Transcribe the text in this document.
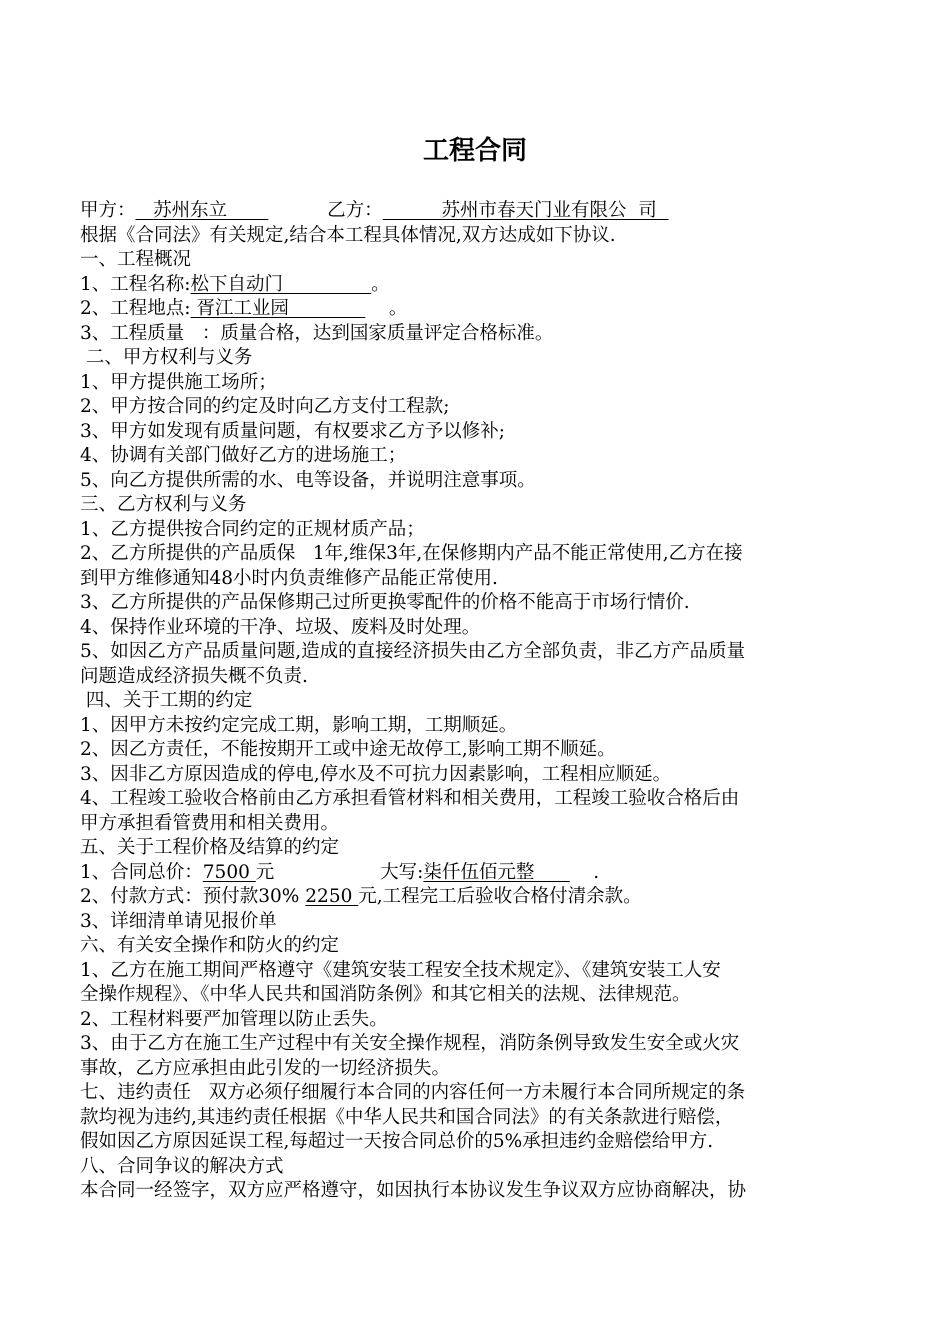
工程合同
甲方： 苏州东立	乙方：	苏州市春天门业有限公  司
根据《合同法》有关规定,结合本工程具体情况,双方达成如下协议.
一、工程概况
1、工程名称:松下自动门	。
2、工程地点: 胥江工业园	。
3、工程质量   ：质量合格，达到国家质量评定合格标准。
二、甲方权利与义务
1、甲方提供施工场所；
2、甲方按合同的约定及时向乙方支付工程款;
3、甲方如发现有质量问题，有权要求乙方予以修补;
4、协调有关部门做好乙方的进场施工；
5、向乙方提供所需的水、电等设备，并说明注意事项。
三、乙方权利与义务
1、乙方提供按合同约定的正规材质产品；
2、乙方所提供的产品质保   1年,维保3年,在保修期内产品不能正常使用,乙方在接
到甲方维修通知48小时内负责维修产品能正常使用.
3、乙方所提供的产品保修期己过所更换零配件的价格不能高于市场行情价.
4、保持作业环境的干净、垃圾、废料及时处理。
5、如因乙方产品质量问题,造成的直接经济损失由乙方全部负责，非乙方产品质量
问题造成经济损失概不负责.
四、关于工期的约定
1、因甲方未按约定完成工期，影响工期，工期顺延。
2、因乙方责任，不能按期开工或中途无故停工,影响工期不顺延。
3、因非乙方原因造成的停电,停水及不可抗力因素影响，工程相应顺延。
4、工程竣工验收合格前由乙方承担看管材料和相关费用，工程竣工验收合格后由
甲方承担看管费用和相关费用。
五、关于工程价格及结算的约定
1、合同总价：7500 元	大写:柒仟伍佰元整	.
2、付款方式：预付款30% 2250 元,工程完工后验收合格付清余款。
3、详细清单请见报价单
六、有关安全操作和防火的约定
1、乙方在施工期间严格遵守《建筑安装工程安全技术规定》、《建筑安装工人安
全操作规程》、《中华人民共和国消防条例》和其它相关的法规、法律规范。
2、工程材料要严加管理以防止丢失。
3、由于乙方在施工生产过程中有关安全操作规程，消防条例导致发生安全或火灾
事故，乙方应承担由此引发的一切经济损失。
七、违约责任   双方必须仔细履行本合同的内容任何一方未履行本合同所规定的条
款均视为违约,其违约责任根据《中华人民共和国合同法》的有关条款进行赔偿，
假如因乙方原因延误工程,每超过一天按合同总价的5%承担违约金赔偿给甲方.
八、合同争议的解决方式
本合同一经签字，双方应严格遵守，如因执行本协议发生争议双方应协商解决，协
